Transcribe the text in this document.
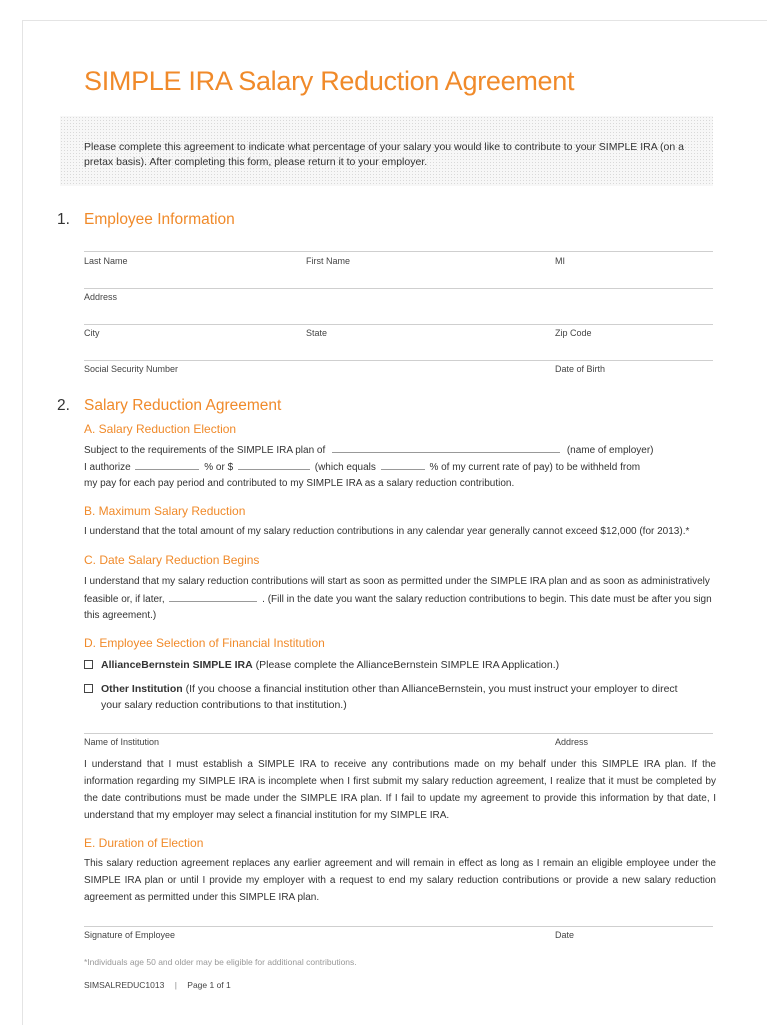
SIMPLE IRA Salary Reduction Agreement
Please complete this agreement to indicate what percentage of your salary you would like to contribute to your SIMPLE IRA (on a pretax basis). After completing this form, please return it to your employer.
1. Employee Information
Last Name	First Name	MI
Address
City	State	Zip Code
Social Security Number	Date of Birth
2. Salary Reduction Agreement
A. Salary Reduction Election
Subject to the requirements of the SIMPLE IRA plan of	(name of employer)
I authorize	% or $	(which equals	% of my current rate of pay) to be withheld from
my pay for each pay period and contributed to my SIMPLE IRA as a salary reduction contribution.
B. Maximum Salary Reduction
I understand that the total amount of my salary reduction contributions in any calendar year generally cannot exceed $12,000 (for 2013).*
C. Date Salary Reduction Begins
I understand that my salary reduction contributions will start as soon as permitted under the SIMPLE IRA plan and as soon as administratively
feasible or, if later,	. (Fill in the date you want the salary reduction contributions to begin. This date must be after you sign
this agreement.)
D. Employee Selection of Financial Institution
AllianceBernstein SIMPLE IRA (Please complete the AllianceBernstein SIMPLE IRA Application.)
Other Institution (If you choose a financial institution other than AllianceBernstein, you must instruct your employer to direct
your salary reduction contributions to that institution.)
Name of Institution	Address
I understand that I must establish a SIMPLE IRA to receive any contributions made on my behalf under this SIMPLE IRA plan. If the information regarding my SIMPLE IRA is incomplete when I first submit my salary reduction agreement, I realize that it must be completed by the date contributions must be made under the SIMPLE IRA plan. If I fail to update my agreement to provide this information by that date, I understand that my employer may select a financial institution for my SIMPLE IRA.
E. Duration of Election
This salary reduction agreement replaces any earlier agreement and will remain in effect as long as I remain an eligible employee under the SIMPLE IRA plan or until I provide my employer with a request to end my salary reduction contributions or provide a new salary reduction agreement as permitted under this SIMPLE IRA plan.
Signature of Employee	Date
*Individuals age 50 and older may be eligible for additional contributions.
SIMSALREDUC1013 | Page 1 of 1
